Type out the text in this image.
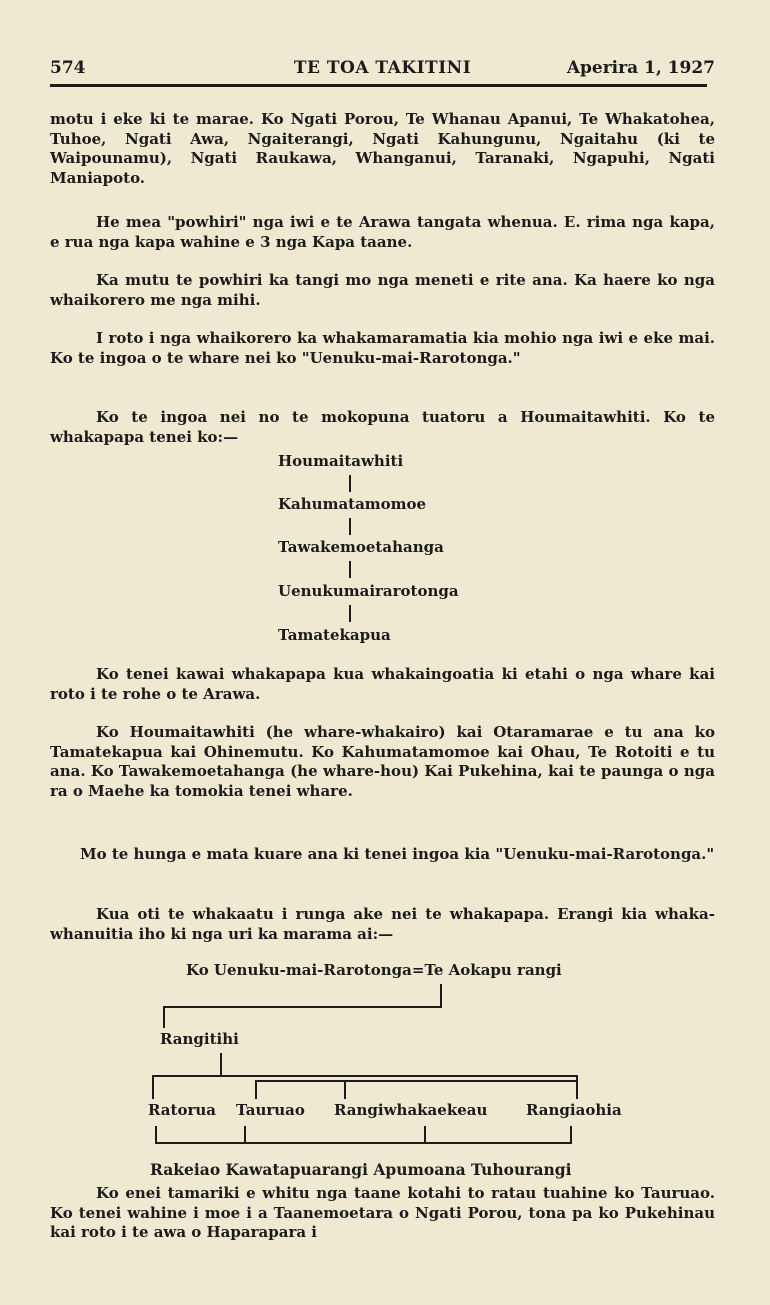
574	TE TOA TAKITINI	Aperira 1, 1927

motu i eke ki te marae. Ko Ngati Porou, Te Whanau Apanui, Te Whakatohea, Tuhoe, Ngati Awa, Ngaiterangi, Ngati Kahungunu, Ngaitahu (ki te Waipounamu), Ngati Raukawa, Whanganui, Taranaki, Ngapuhi, Ngati Maniapoto.

He mea "powhiri" nga iwi e te Arawa tangata whenua. E. rima nga kapa, e rua nga kapa wahine e 3 nga Kapa taane.

Ka mutu te powhiri ka tangi mo nga meneti e rite ana. Ka haere ko nga whaikorero me nga mihi.

I roto i nga whaikorero ka whakamaramatia kia mohio nga iwi e eke mai. Ko te ingoa o te whare nei ko "Uenuku-mai-Rarotonga."

Ko te ingoa nei no te mokopuna tuatoru a Houmaitawhiti. Ko te whakapapa tenei ko:—

Houmaitawhiti
Kahumatamomoe
Tawakemoetahanga
Uenukumairarotonga
Tamatekapua

Ko tenei kawai whakapapa kua whakaingoatia ki etahi o nga whare kai roto i te rohe o te Arawa.

Ko Houmaitawhiti (he whare-whakairo) kai Otaramarae e tu ana ko Tamatekapua kai Ohinemutu. Ko Kahumatamomoe kai Ohau, Te Rotoiti e tu ana. Ko Tawakemoetahanga (he whare-hou) Kai Pukehina, kai te paunga o nga ra o Maehe ka tomokia tenei whare.

Mo te hunga e mata kuare ana ki tenei ingoa kia "Uenuku-mai-Rarotonga."

Kua oti te whakaatu i runga ake nei te whakapapa. Erangi kia whaka-whanuitia iho ki nga uri ka marama ai:—

Ko Uenuku-mai-Rarotonga=Te Aokapu rangi
Rangitihi
Ratorua Tauruao Rangiwhakaekeau	Rangiaohia
Rakeiao Kawatapuarangi Apumoana Tuhourangi

Ko enei tamariki e whitu nga taane kotahi to ratau tuahine ko Tauruao. Ko tenei wahine i moe i a Taanemoetara o Ngati Porou, tona pa ko Pukehinau kai roto i te awa o Haparapara i
